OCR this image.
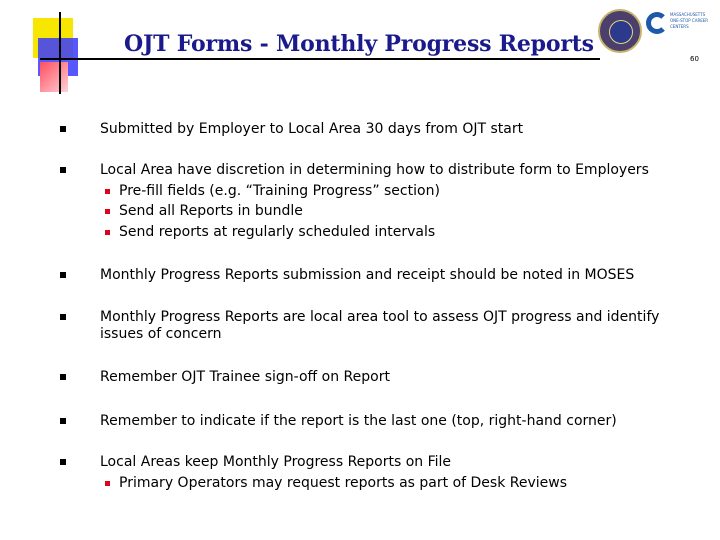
OJT Forms - Monthly Progress Reports
MASSACHUSETTS ONE-STOP CAREER CENTERS
60
Submitted by Employer to Local Area 30 days from OJT start
Local Area have discretion in determining how to distribute form to Employers
Pre-fill fields (e.g. “Training Progress” section)
Send all Reports in bundle
Send reports at regularly scheduled intervals
Monthly Progress Reports submission and receipt should be noted in MOSES
Monthly Progress Reports are local area tool to assess OJT progress and identify issues of concern
Remember OJT Trainee sign-off on Report
Remember to indicate if the report is the last one (top, right-hand corner)
Local Areas keep Monthly Progress Reports on File
Primary Operators may request reports as part of Desk Reviews
